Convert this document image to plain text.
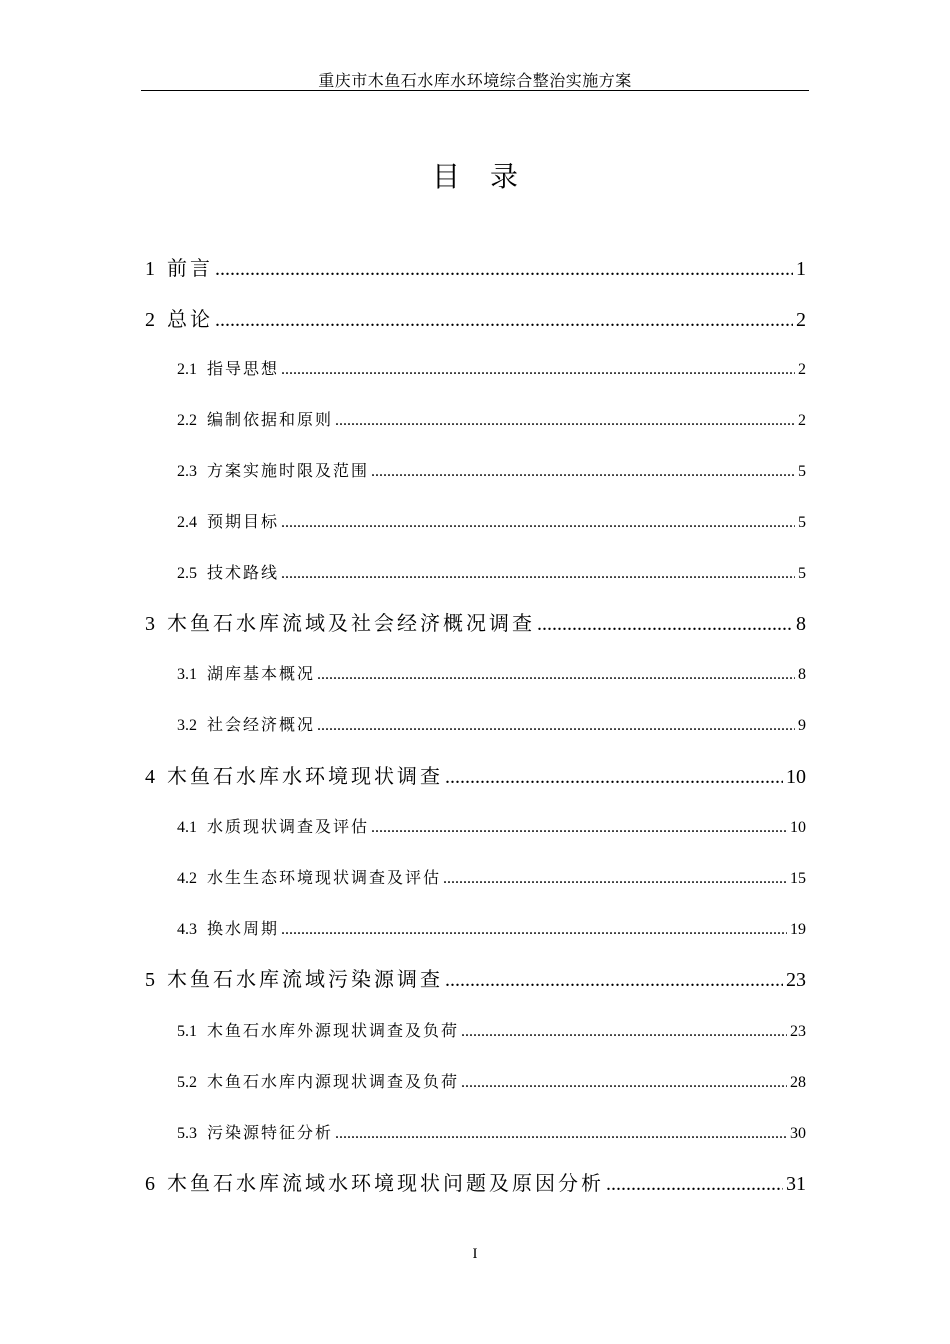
重庆市木鱼石水库水环境综合整治实施方案
目录
1 前言 .....	1
2 总论 .....	2
2.1 指导思想 .....	2
2.2 编制依据和原则 .....	2
2.3 方案实施时限及范围 .....	5
2.4 预期目标 .....	5
2.5 技术路线 .....	5
3 木鱼石水库流域及社会经济概况调查 .....	8
3.1 湖库基本概况 .....	8
3.2 社会经济概况 .....	9
4 木鱼石水库水环境现状调查 .....	10
4.1 水质现状调查及评估 .....	10
4.2 水生生态环境现状调查及评估 .....	15
4.3 换水周期 .....	19
5 木鱼石水库流域污染源调查 .....	23
5.1 木鱼石水库外源现状调查及负荷 .....	23
5.2 木鱼石水库内源现状调查及负荷 .....	28
5.3 污染源特征分析 .....	30
6 木鱼石水库流域水环境现状问题及原因分析 .....	31
I
